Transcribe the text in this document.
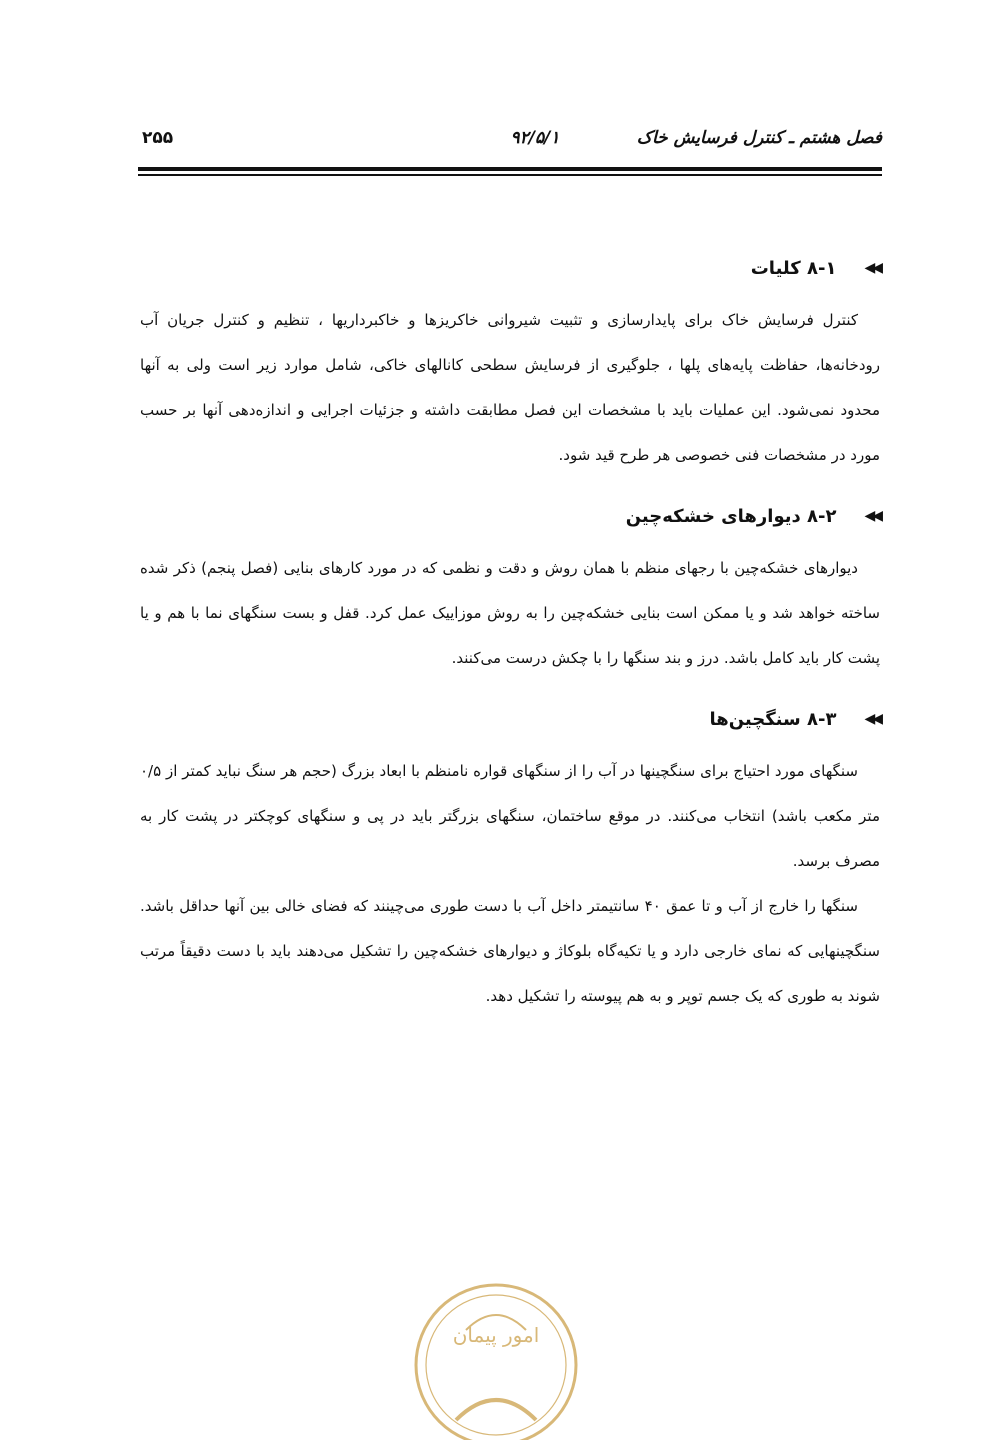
فصل هشتم ـ کنترل فرسایش خاک
۹۲/۵/۱
۲۵۵
◀◀
۸-۱ کلیات

کنترل فرسایش خاک برای پایدارسازی و تثبیت شیروانی خاکریزها و خاکبرداریها ، تنظیم و کنترل جریان آب رودخانه‌ها، حفاظت پایه‌های پلها ، جلوگیری از فرسایش سطحی کانالهای خاکی، شامل موارد زیر است ولی به آنها محدود نمی‌شود. این عملیات باید با مشخصات این فصل مطابقت داشته و جزئیات اجرایی و اندازه‌دهی آنها بر حسب مورد در مشخصات فنی خصوصی هر طرح قید شود.

◀◀
۸-۲ دیوارهای خشکه‌چین

دیوارهای خشکه‌چین با رجهای منظم با همان روش و دقت و نظمی که در مورد کارهای بنایی (فصل پنجم) ذکر شده ساخته خواهد شد و یا ممکن است بنایی خشکه‌چین را به روش موزاییک عمل کرد. قفل و بست سنگهای نما با هم و یا پشت کار باید کامل باشد. درز و بند سنگها را با چکش درست می‌کنند.

◀◀
۸-۳ سنگچین‌ها

سنگهای مورد احتیاج برای سنگچینها در آب را از سنگهای قواره نامنظم با ابعاد بزرگ (حجم هر سنگ نباید کمتر از ۰/۵ متر مکعب باشد) انتخاب می‌کنند. در موقع ساختمان، سنگهای بزرگتر باید در پی و سنگهای کوچکتر در پشت کار به مصرف برسد.

سنگها را خارج از آب و تا عمق ۴۰ سانتیمتر داخل آب با دست طوری می‌چینند که فضای خالی بین آنها حداقل باشد. سنگچینهایی که نمای خارجی دارد و یا تکیه‌گاه بلوکاژ و دیوارهای خشکه‌چین را تشکیل می‌دهند باید با دست دقیقاً مرتب شوند به طوری که یک جسم توپر و به هم پیوسته را تشکیل دهد.

امور پیمان
